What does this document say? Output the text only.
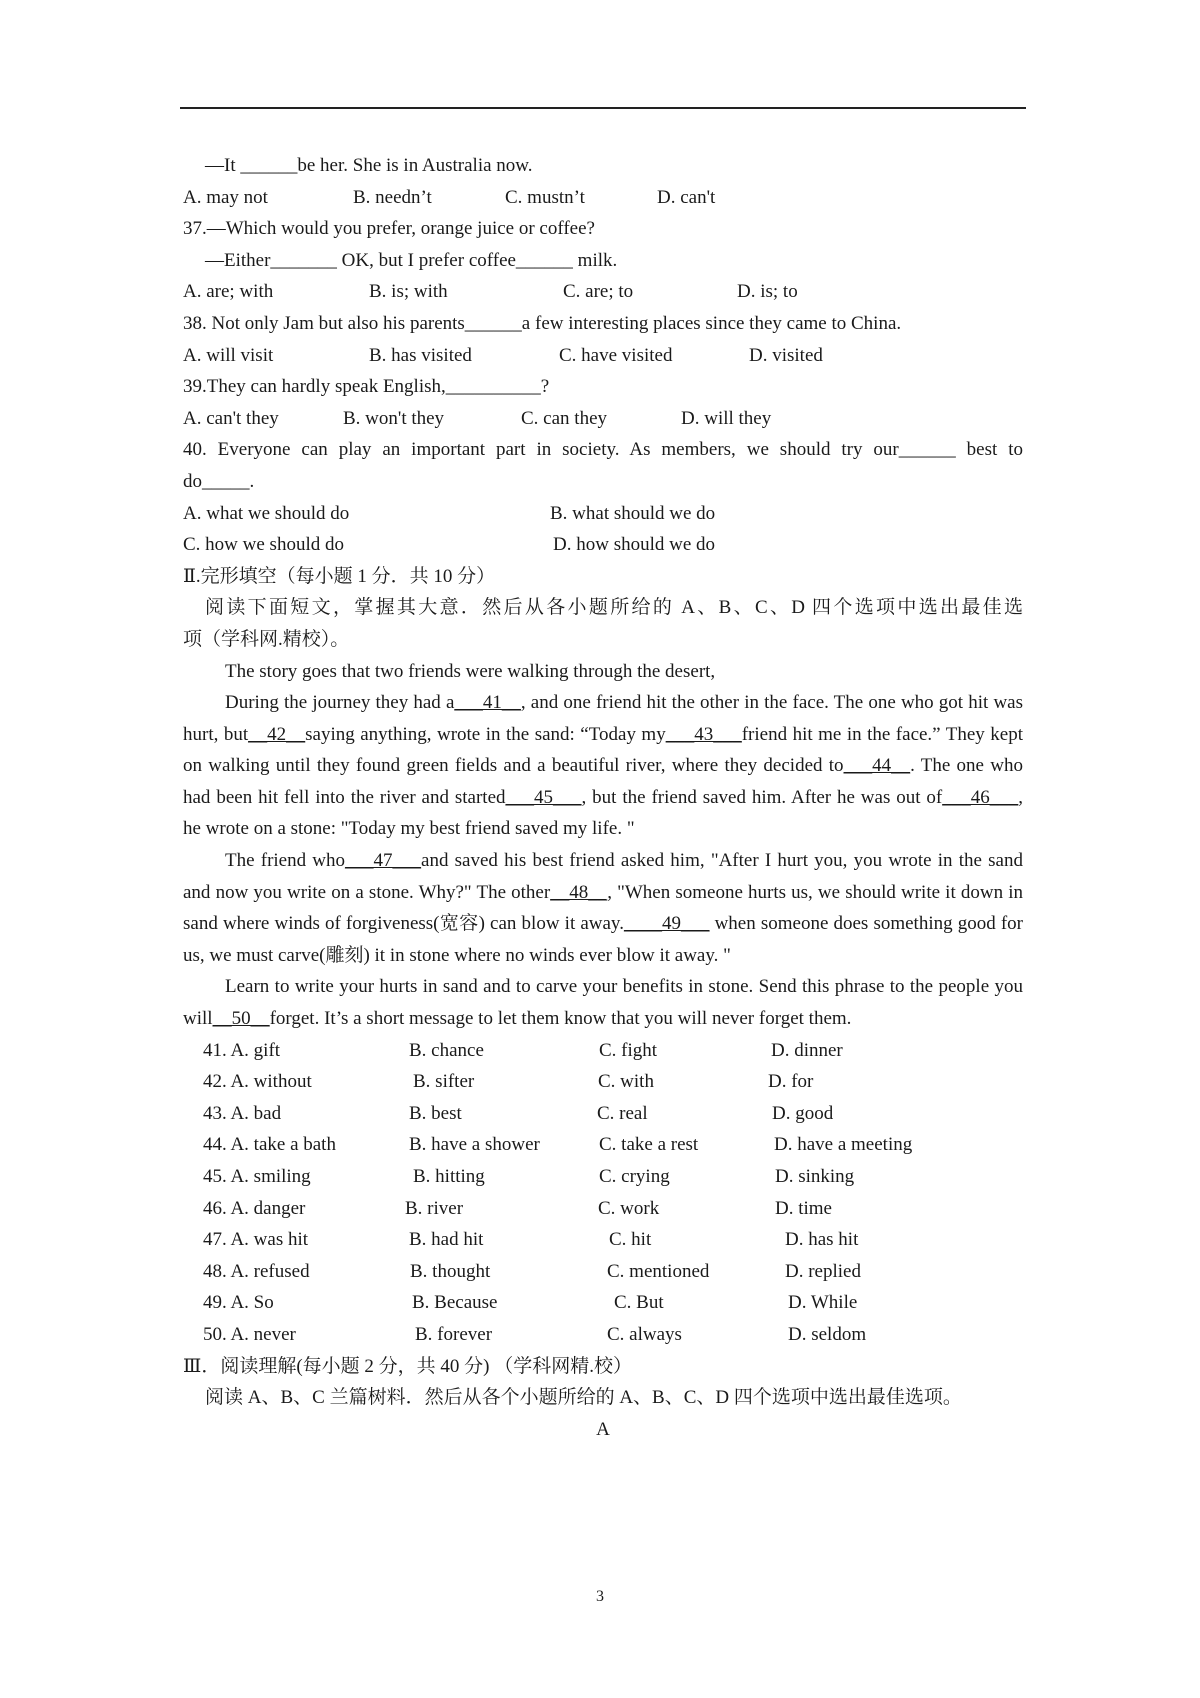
—It ______be her. She is in Australia now.
A. may not	B. needn’t	C. mustn’t	D. can't
37.—Which would you prefer, orange juice or coffee?
—Either_______ OK, but I prefer coffee______ milk.
A. are; with	B. is; with	C. are; to	D. is; to
38. Not only Jam but also his parents______a few interesting places since they came to China.
A. will visit	B. has visited	C. have visited	D. visited
39.They can hardly speak English,__________?
A. can't they	B. won't they	C. can they	D. will they
40. Everyone can play an important part in society. As members, we should try our______ best to
do_____.
A. what we should do	B. what should we do
C. how we should do	D. how should we do
Ⅱ.完形填空（每小题 1 分．共 10 分）
阅读下面短文，掌握其大意．然后从各小题所给的 A、B、C、D 四个选项中选出最佳选
项（学科网.精校）。
The story goes that two friends were walking through the desert,

During the journey they had a___41__, and one friend hit the other in the face. The one who got hit was hurt, but__42__saying anything, wrote in the sand: “Today my___43___friend hit me in the face.” They kept on walking until they found green fields and a beautiful river, where they decided to___44__. The one who had been hit fell into the river and started___45___, but the friend saved him. After he was out of___46___, he wrote on a stone: "Today my best friend saved my life. "

The friend who___47___and saved his best friend asked him, "After I hurt you, you wrote in the sand and now you write on a stone. Why?" The other__48__, "When someone hurts us, we should write it down in sand where winds of forgiveness(宽容) can blow it away.____49___ when someone does something good for us, we must carve(雕刻) it in stone where no winds ever blow it away. "

Learn to write your hurts in sand and to carve your benefits in stone. Send this phrase to the people you will__50__forget. It’s a short message to let them know that you will never forget them.

41. A. gift	B. chance	C. fight	D. dinner
42. A. without	B. sifter	C. with	D. for
43. A. bad	B. best	C. real	D. good
44. A. take a bath	B. have a shower	C. take a rest	D. have a meeting
45. A. smiling	B. hitting	C. crying	D. sinking
46. A. danger	B. river	C. work	D. time
47. A. was hit	B. had hit	C. hit	D. has hit
48. A. refused	B. thought	C. mentioned	D. replied
49. A. So	B. Because	C. But	D. While
50. A. never	B. forever	C. always	D. seldom
Ⅲ．阅读理解(每小题 2 分，共 40 分) （学科网精.校）
阅读 A、B、C 兰篇树料．然后从各个小题所给的 A、B、C、D 四个选项中选出最佳选项。
A
3
